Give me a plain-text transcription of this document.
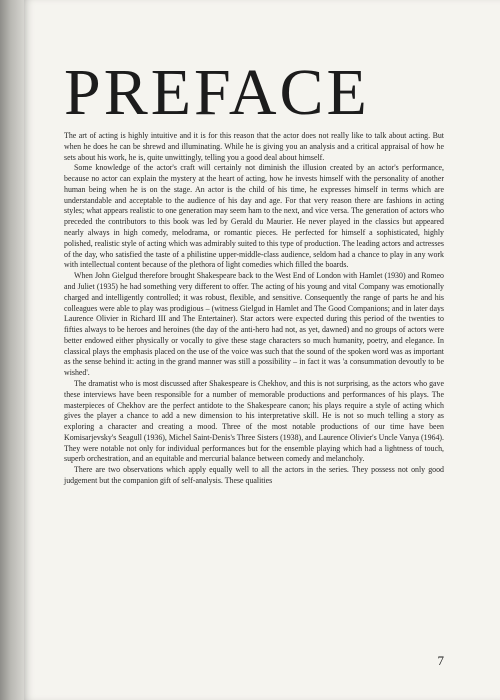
PREFACE

The art of acting is highly intuitive and it is for this reason that the actor does not really like to talk about acting. But when he does he can be shrewd and illuminating. While he is giving you an analysis and a critical appraisal of how he sets about his work, he is, quite unwittingly, telling you a good deal about himself.

Some knowledge of the actor's craft will certainly not diminish the illusion created by an actor's performance, because no actor can explain the mystery at the heart of acting, how he invests himself with the personality of another human being when he is on the stage. An actor is the child of his time, he expresses himself in terms which are understandable and acceptable to the audience of his day and age. For that very reason there are fashions in acting styles; what appears realistic to one generation may seem ham to the next, and vice versa. The generation of actors who preceded the contributors to this book was led by Gerald du Maurier. He never played in the classics but appeared nearly always in high comedy, melodrama, or romantic pieces. He perfected for himself a sophisticated, highly polished, realistic style of acting which was admirably suited to this type of production. The leading actors and actresses of the day, who satisfied the taste of a philistine upper-middle-class audience, seldom had a chance to play in any work with intellectual content because of the plethora of light comedies which filled the boards.

When John Gielgud therefore brought Shakespeare back to the West End of London with Hamlet (1930) and Romeo and Juliet (1935) he had something very different to offer. The acting of his young and vital Company was emotionally charged and intelligently controlled; it was robust, flexible, and sensitive. Consequently the range of parts he and his colleagues were able to play was prodigious – (witness Gielgud in Hamlet and The Good Companions; and in later days Laurence Olivier in Richard III and The Entertainer). Star actors were expected during this period of the twenties to fifties always to be heroes and heroines (the day of the anti-hero had not, as yet, dawned) and no groups of actors were better endowed either physically or vocally to give these stage characters so much humanity, poetry, and elegance. In classical plays the emphasis placed on the use of the voice was such that the sound of the spoken word was as important as the sense behind it: acting in the grand manner was still a possibility – in fact it was 'a consummation devoutly to be wished'.

The dramatist who is most discussed after Shakespeare is Chekhov, and this is not surprising, as the actors who gave these interviews have been responsible for a number of memorable productions and performances of his plays. The masterpieces of Chekhov are the perfect antidote to the Shakespeare canon; his plays require a style of acting which gives the player a chance to add a new dimension to his interpretative skill. He is not so much telling a story as exploring a character and creating a mood. Three of the most notable productions of our time have been Komisarjevsky's Seagull (1936), Michel Saint-Denis's Three Sisters (1938), and Laurence Olivier's Uncle Vanya (1964). They were notable not only for individual performances but for the ensemble playing which had a lightness of touch, superb orchestration, and an equitable and mercurial balance between comedy and melancholy.

There are two observations which apply equally well to all the actors in the series. They possess not only good judgement but the companion gift of self-analysis. These qualities

7
